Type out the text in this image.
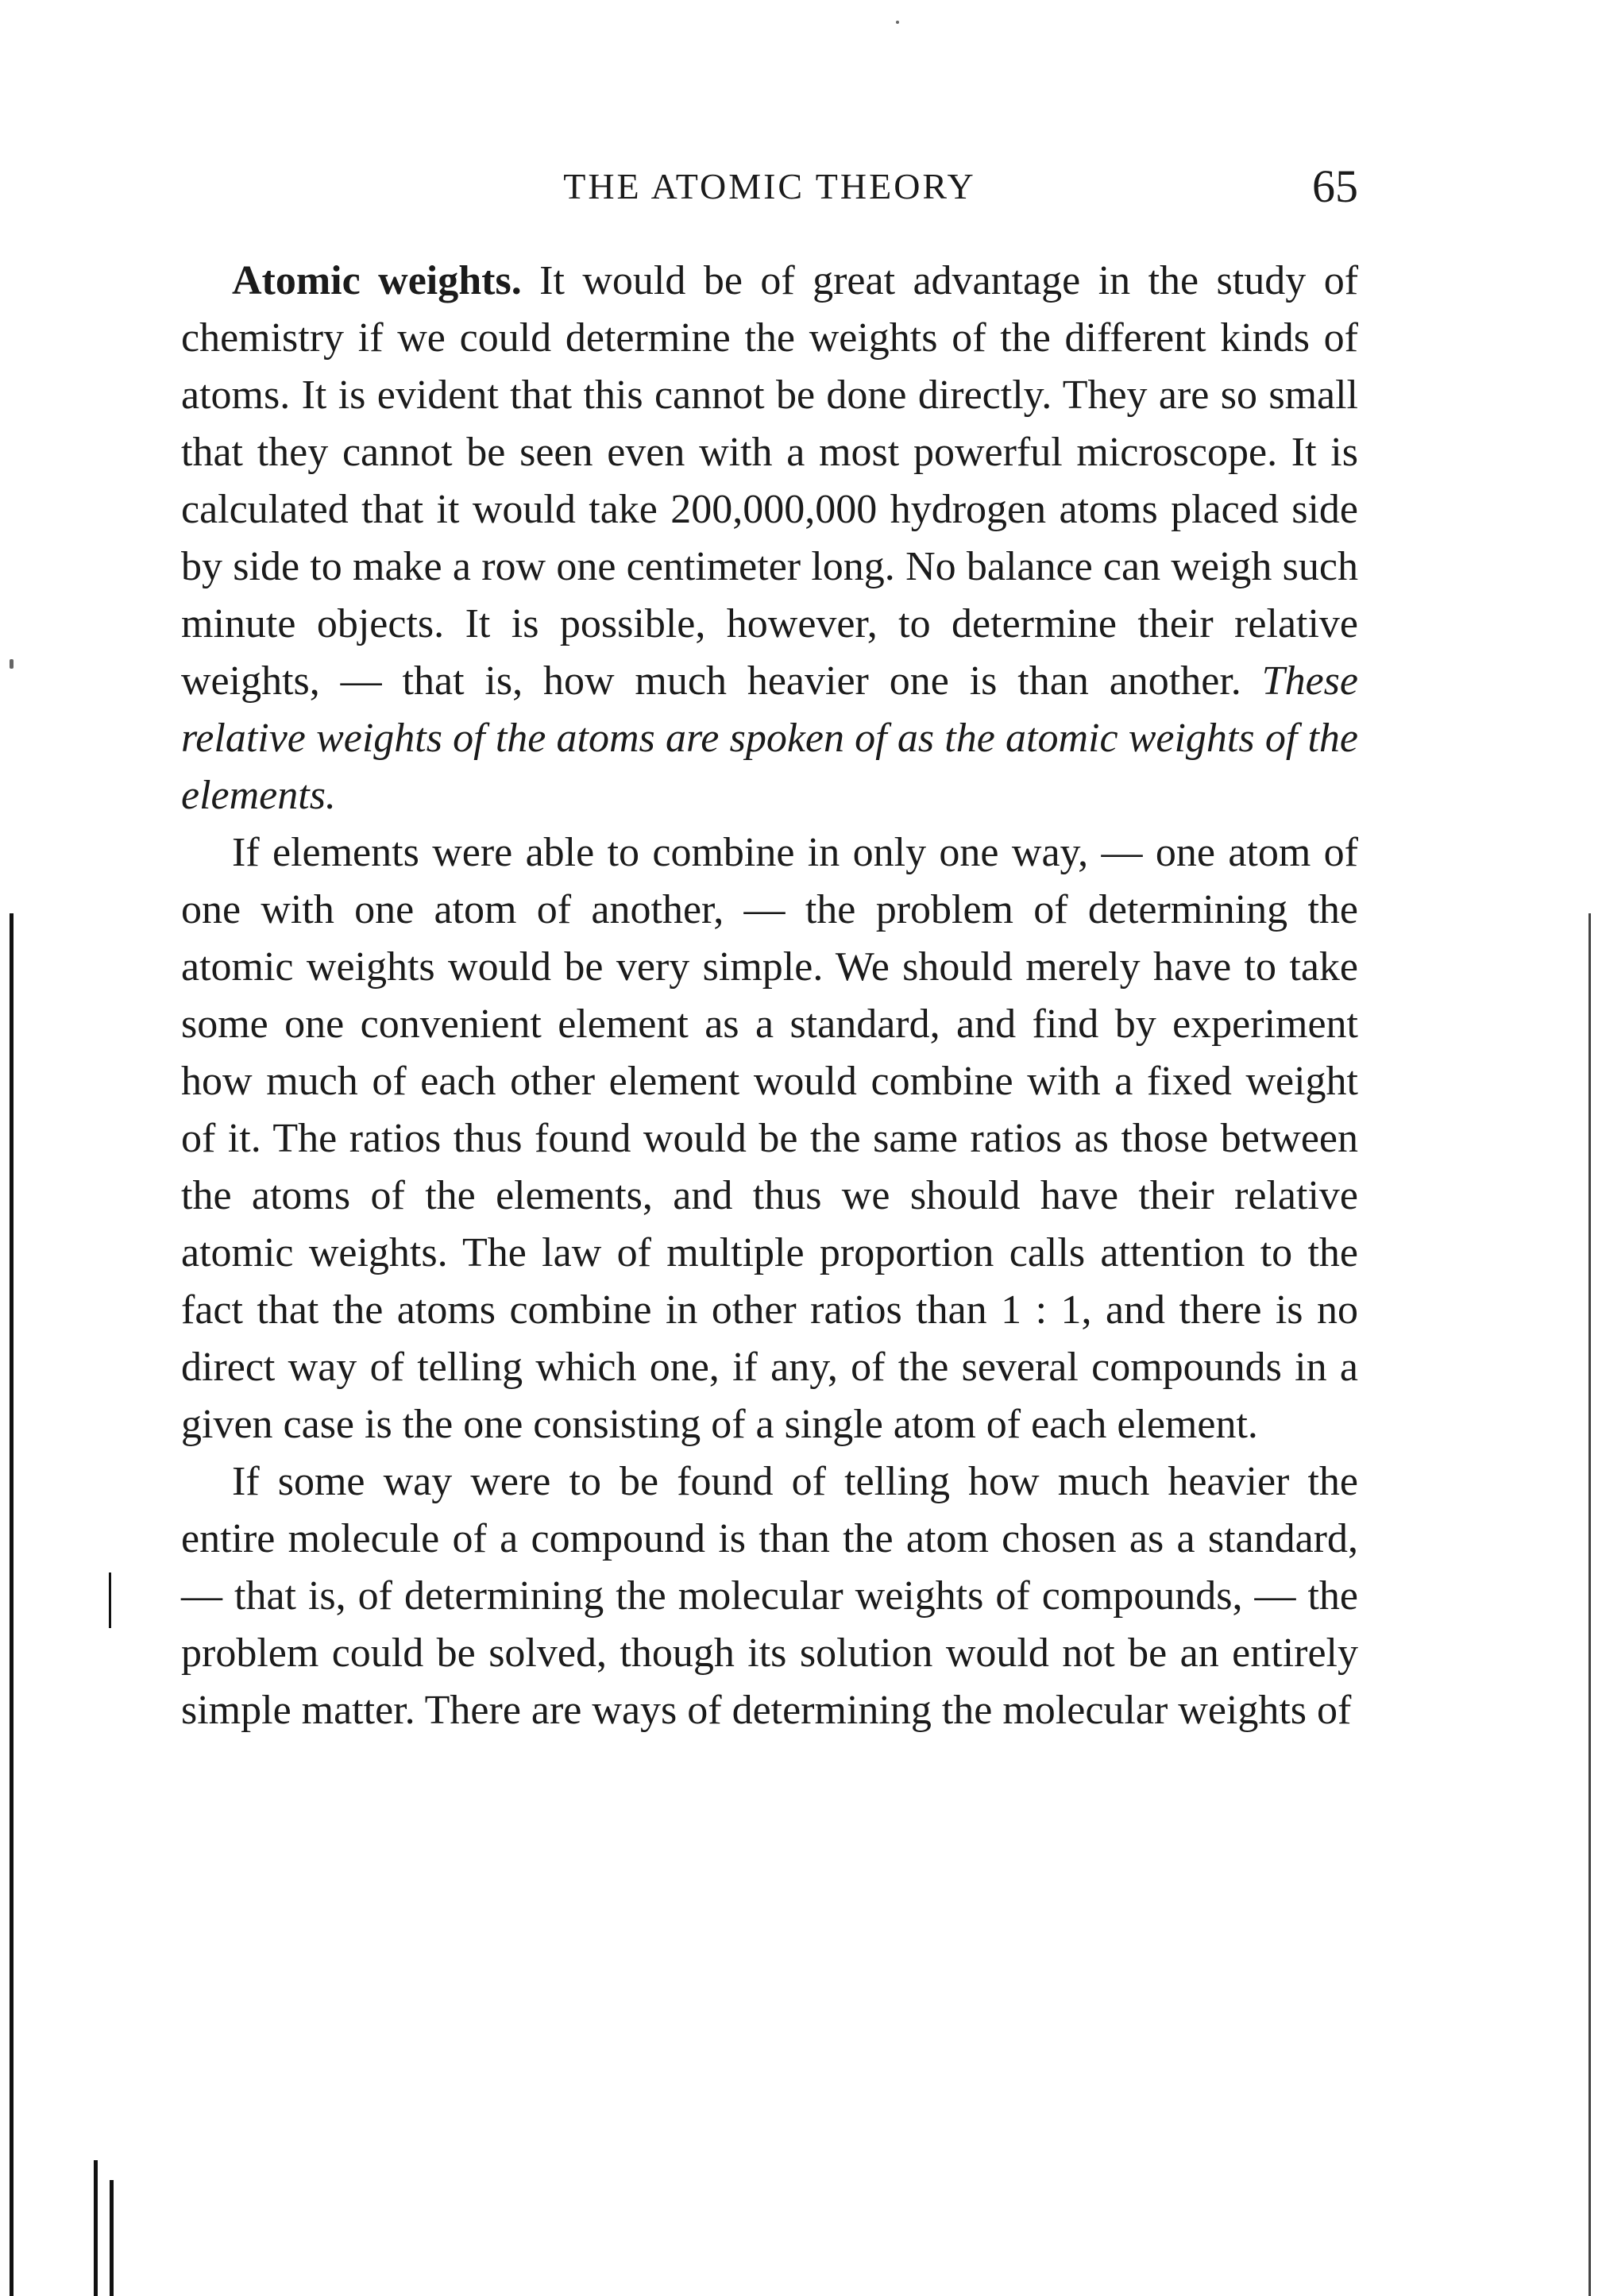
THE ATOMIC THEORY	65

Atomic weights. It would be of great advantage in the study of chemistry if we could determine the weights of the different kinds of atoms. It is evident that this cannot be done directly. They are so small that they cannot be seen even with a most powerful microscope. It is calculated that it would take 200,000,000 hydrogen atoms placed side by side to make a row one centimeter long. No balance can weigh such minute objects. It is possible, however, to determine their relative weights, — that is, how much heavier one is than another. These relative weights of the atoms are spoken of as the atomic weights of the elements.

If elements were able to combine in only one way, — one atom of one with one atom of another, — the problem of determining the atomic weights would be very simple. We should merely have to take some one convenient element as a standard, and find by experiment how much of each other element would combine with a fixed weight of it. The ratios thus found would be the same ratios as those between the atoms of the elements, and thus we should have their relative atomic weights. The law of multiple proportion calls attention to the fact that the atoms combine in other ratios than 1 : 1, and there is no direct way of telling which one, if any, of the several compounds in a given case is the one consisting of a single atom of each element.

If some way were to be found of telling how much heavier the entire molecule of a compound is than the atom chosen as a standard, — that is, of determining the molecular weights of compounds, — the problem could be solved, though its solution would not be an entirely simple matter. There are ways of determining the molecular weights of
